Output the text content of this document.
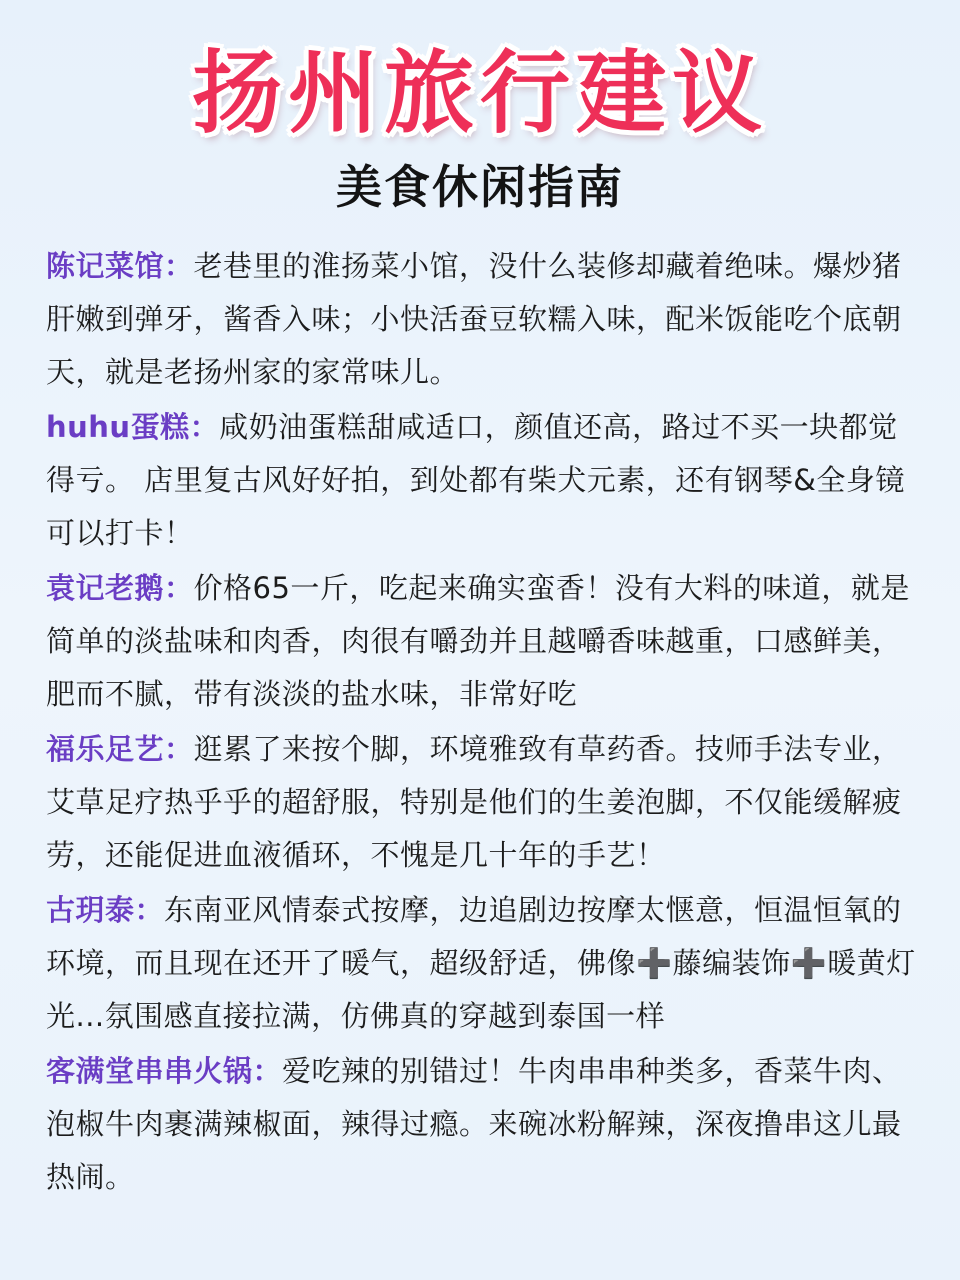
扬州旅行建议
美食休闲指南

陈记菜馆：老巷里的淮扬菜小馆，没什么装修却藏着绝味。爆炒猪肝嫩到弹牙，酱香入味；小快活蚕豆软糯入味，配米饭能吃个底朝天，就是老扬州家的家常味儿。

huhu蛋糕：咸奶油蛋糕甜咸适口，颜值还高，路过不买一块都觉得亏。 店里复古风好好拍，到处都有柴犬元素，还有钢琴&全身镜可以打卡！

袁记老鹅：价格65一斤，吃起来确实蛮香！没有大料的味道，就是简单的淡盐味和肉香，肉很有嚼劲并且越嚼香味越重，口感鲜美，肥而不腻，带有淡淡的盐水味，非常好吃

福乐足艺：逛累了来按个脚，环境雅致有草药香。技师手法专业，艾草足疗热乎乎的超舒服，特别是他们的生姜泡脚，不仅能缓解疲劳，还能促进血液循环，不愧是几十年的手艺！

古玥泰：东南亚风情泰式按摩，边追剧边按摩太惬意，恒温恒氧的环境，而且现在还开了暖气，超级舒适，佛像➕藤编装饰➕暖黄灯光...氛围感直接拉满，仿佛真的穿越到泰国一样

客满堂串串火锅：爱吃辣的别错过！牛肉串串种类多，香菜牛肉、泡椒牛肉裹满辣椒面，辣得过瘾。来碗冰粉解辣，深夜撸串这儿最热闹。
